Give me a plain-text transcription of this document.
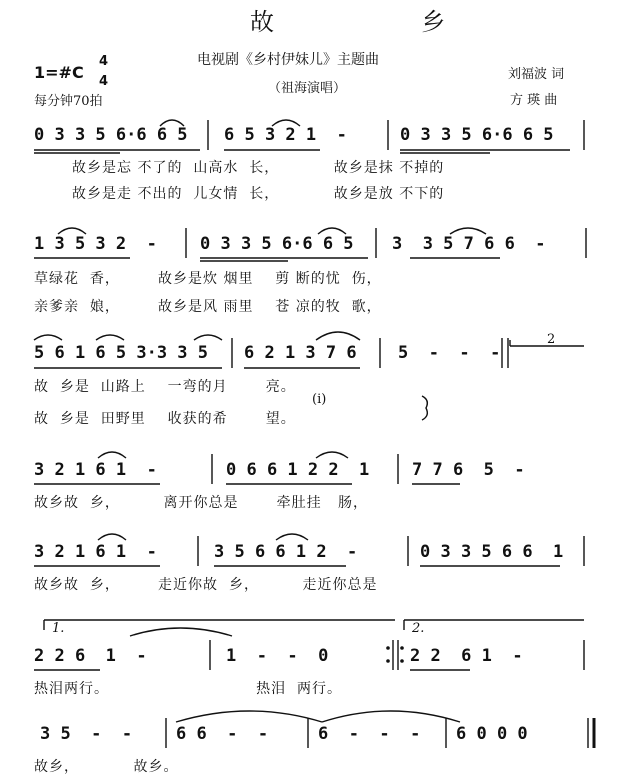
故  乡
电视剧《乡村伊妹儿》主题曲
（祖海演唱）
刘福波 词
方 瑛 曲
1=#C
4
4
每分钟70拍
0 3 3 5 6·6 6 5 6 5 3 2 1  -	0 3 3 5 6·6 6 5
故乡是忘 不了的  山高水  长，          故乡是抹 不掉的
故乡是走 不出的  儿女情  长，          故乡是放 不下的
1 3 5 3 2  -	0 3 3 5 6·6 6 5 3  3 5 7 6 6  -
草绿花  香，       故乡是炊 烟里    剪 断的忧  伤，
亲爹亲  娘，       故乡是风 雨里    苍 凉的牧  歌，
5 6 1 6 5 3·3 3 5 6 2 1 3 7 6 5  -  -  -
2
故  乡是  山路上    一弯的月       亮。
(i)
故  乡是  田野里    收获的希       望。
3 2 1 6 1  -	0 6 6 1 2 2  1	7 7 6  5  -
故乡故  乡，        离开你总是       牵肚挂   肠，
3 2 1 6 1  -	3 5 6 6 1 2  -	0 3 3 5 6 6  1
故乡故  乡，       走近你故  乡，        走近你总是
1.	2.
2 2 6  1  -	1  -  -  0	2 2  6 1  -
热泪两行。                           热泪  两行。
3 5  -  -	6 6  -  -	6  -  -  - 6 0 0 0
故乡，          故乡。
